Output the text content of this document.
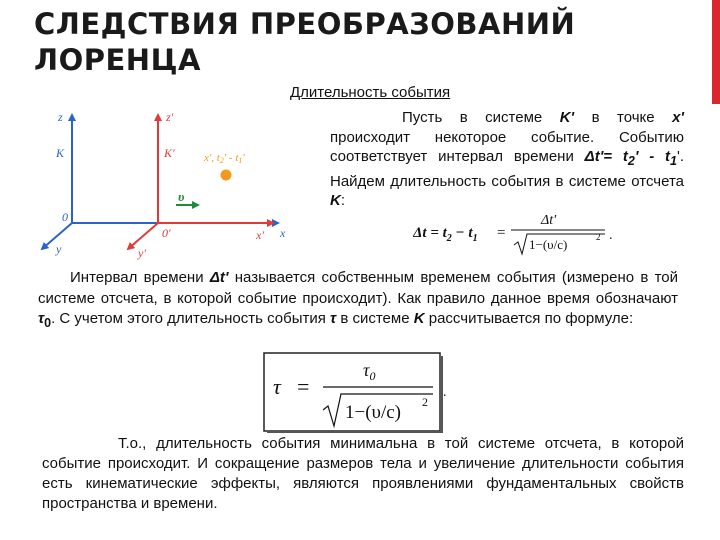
СЛЕДСТВИЯ ПРЕОБРАЗОВАНИЙ ЛОРЕНЦА
Длительность события
z
K
0
y
x
z'
K'
0'
y'
x'
υ
x', t2' - t1'
Пусть в системе K' в точке x' происходит некоторое событие. Событию соответствует интервал времени $\Delta t'= t_2' - t_1'$. Найдем длительность события в системе отсчета K:
$\Delta t = t_2 - t_1$ =
Δt'
1−(υ/c)	2 .
Интервал времени Δt' называется собственным временем события (измерено в той системе отсчета, в которой событие происходит). Как правило данное время обозначают $\tau_0$. С учетом этого длительность события τ в системе K рассчитывается по формуле:
τ =
$\tau_0$
1−(υ/c) 2
.
Т.о., длительность события минимальна в той системе отсчета, в которой событие происходит. И сокращение размеров тела и увеличение длительности события есть кинематические эффекты, являются проявлениями фундаментальных свойств пространства и времени.
